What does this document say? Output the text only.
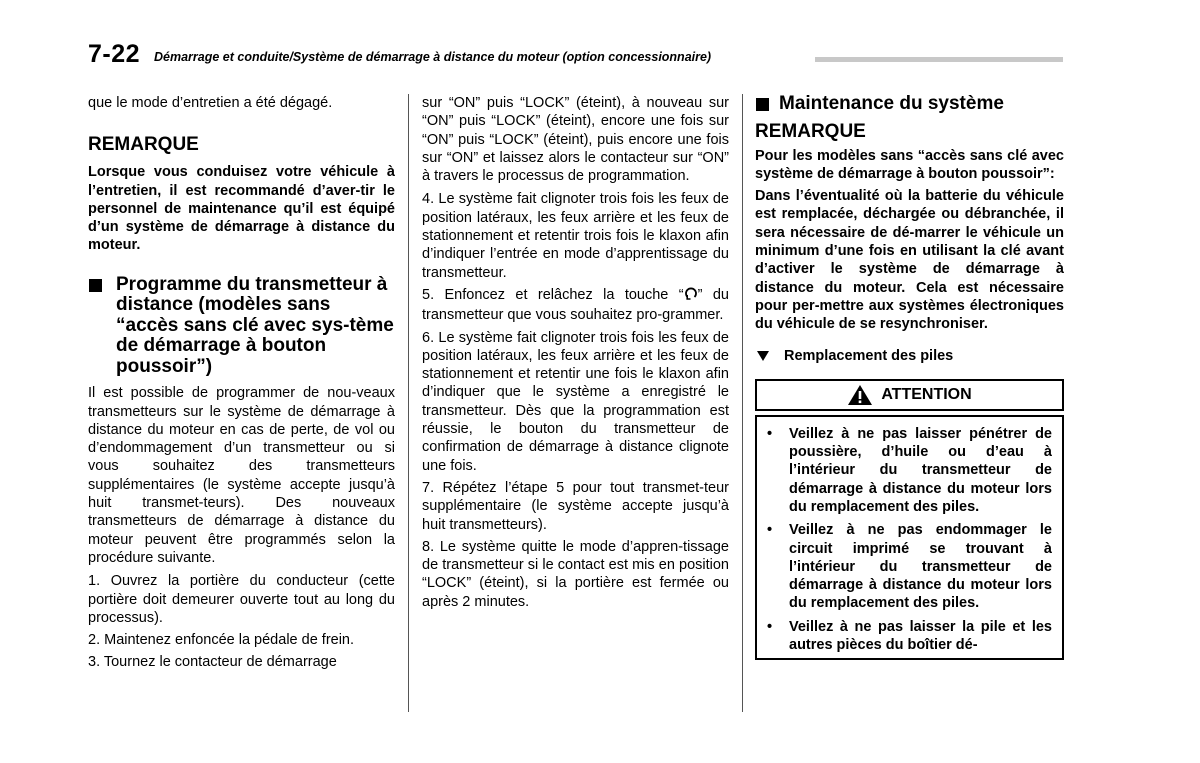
7-22 Démarrage et conduite/Système de démarrage à distance du moteur (option concessionnaire)

que le mode d’entretien a été dégagé.

REMARQUE

Lorsque vous conduisez votre véhicule à l’entretien, il est recommandé d’aver-tir le personnel de maintenance qu’il est équipé d’un système de démarrage à distance du moteur.

Programme du transmetteur à distance (modèles sans “accès sans clé avec sys-tème de démarrage à bouton poussoir”)

Il est possible de programmer de nou-veaux transmetteurs sur le système de démarrage à distance du moteur en cas de perte, de vol ou d’endommagement d’un transmetteur ou si vous souhaitez des transmetteurs supplémentaires (le système accepte jusqu’à huit transmet-teurs). Des nouveaux transmetteurs de démarrage à distance du moteur peuvent être programmés selon la procédure suivante.

1. Ouvrez la portière du conducteur (cette portière doit demeurer ouverte tout au long du processus).

2. Maintenez enfoncée la pédale de frein.

3. Tournez le contacteur de démarrage

sur “ON” puis “LOCK” (éteint), à nouveau sur “ON” puis “LOCK” (éteint), encore une fois sur “ON” puis “LOCK” (éteint), puis encore une fois sur “ON” et laissez alors le contacteur sur “ON” à travers le processus de programmation.

4. Le système fait clignoter trois fois les feux de position latéraux, les feux arrière et les feux de stationnement et retentir trois fois le klaxon afin d’indiquer l’entrée en mode d’apprentissage du transmetteur.

5. Enfoncez et relâchez la touche “ ” du transmetteur que vous souhaitez pro-grammer.

6. Le système fait clignoter trois fois les feux de position latéraux, les feux arrière et les feux de stationnement et retentir une fois le klaxon afin d’indiquer que le système a enregistré le transmetteur. Dès que la programmation est réussie, le bouton du transmetteur de confirmation de démarrage à distance clignote une fois.

7. Répétez l’étape 5 pour tout transmet-teur supplémentaire (le système accepte jusqu’à huit transmetteurs).

8. Le système quitte le mode d’appren-tissage de transmetteur si le contact est mis en position “LOCK” (éteint), si la portière est fermée ou après 2 minutes.

Maintenance du système
REMARQUE

Pour les modèles sans “accès sans clé avec système de démarrage à bouton poussoir”:

Dans l’éventualité où la batterie du véhicule est remplacée, déchargée ou débranchée, il sera nécessaire de dé-marrer le véhicule un minimum d’une fois en utilisant la clé avant d’activer le système de démarrage à distance du moteur. Cela est nécessaire pour per-mettre aux systèmes électroniques du véhicule de se resynchroniser.

Remplacement des piles
ATTENTION
•	Veillez à ne pas laisser pénétrer de poussière, d’huile ou d’eau à l’intérieur du transmetteur de démarrage à distance du moteur lors du remplacement des piles.
•	Veillez à ne pas endommager le circuit imprimé se trouvant à l’intérieur du transmetteur de démarrage à distance du moteur lors du remplacement des piles.
•	Veillez à ne pas laisser la pile et les autres pièces du boîtier dé-
